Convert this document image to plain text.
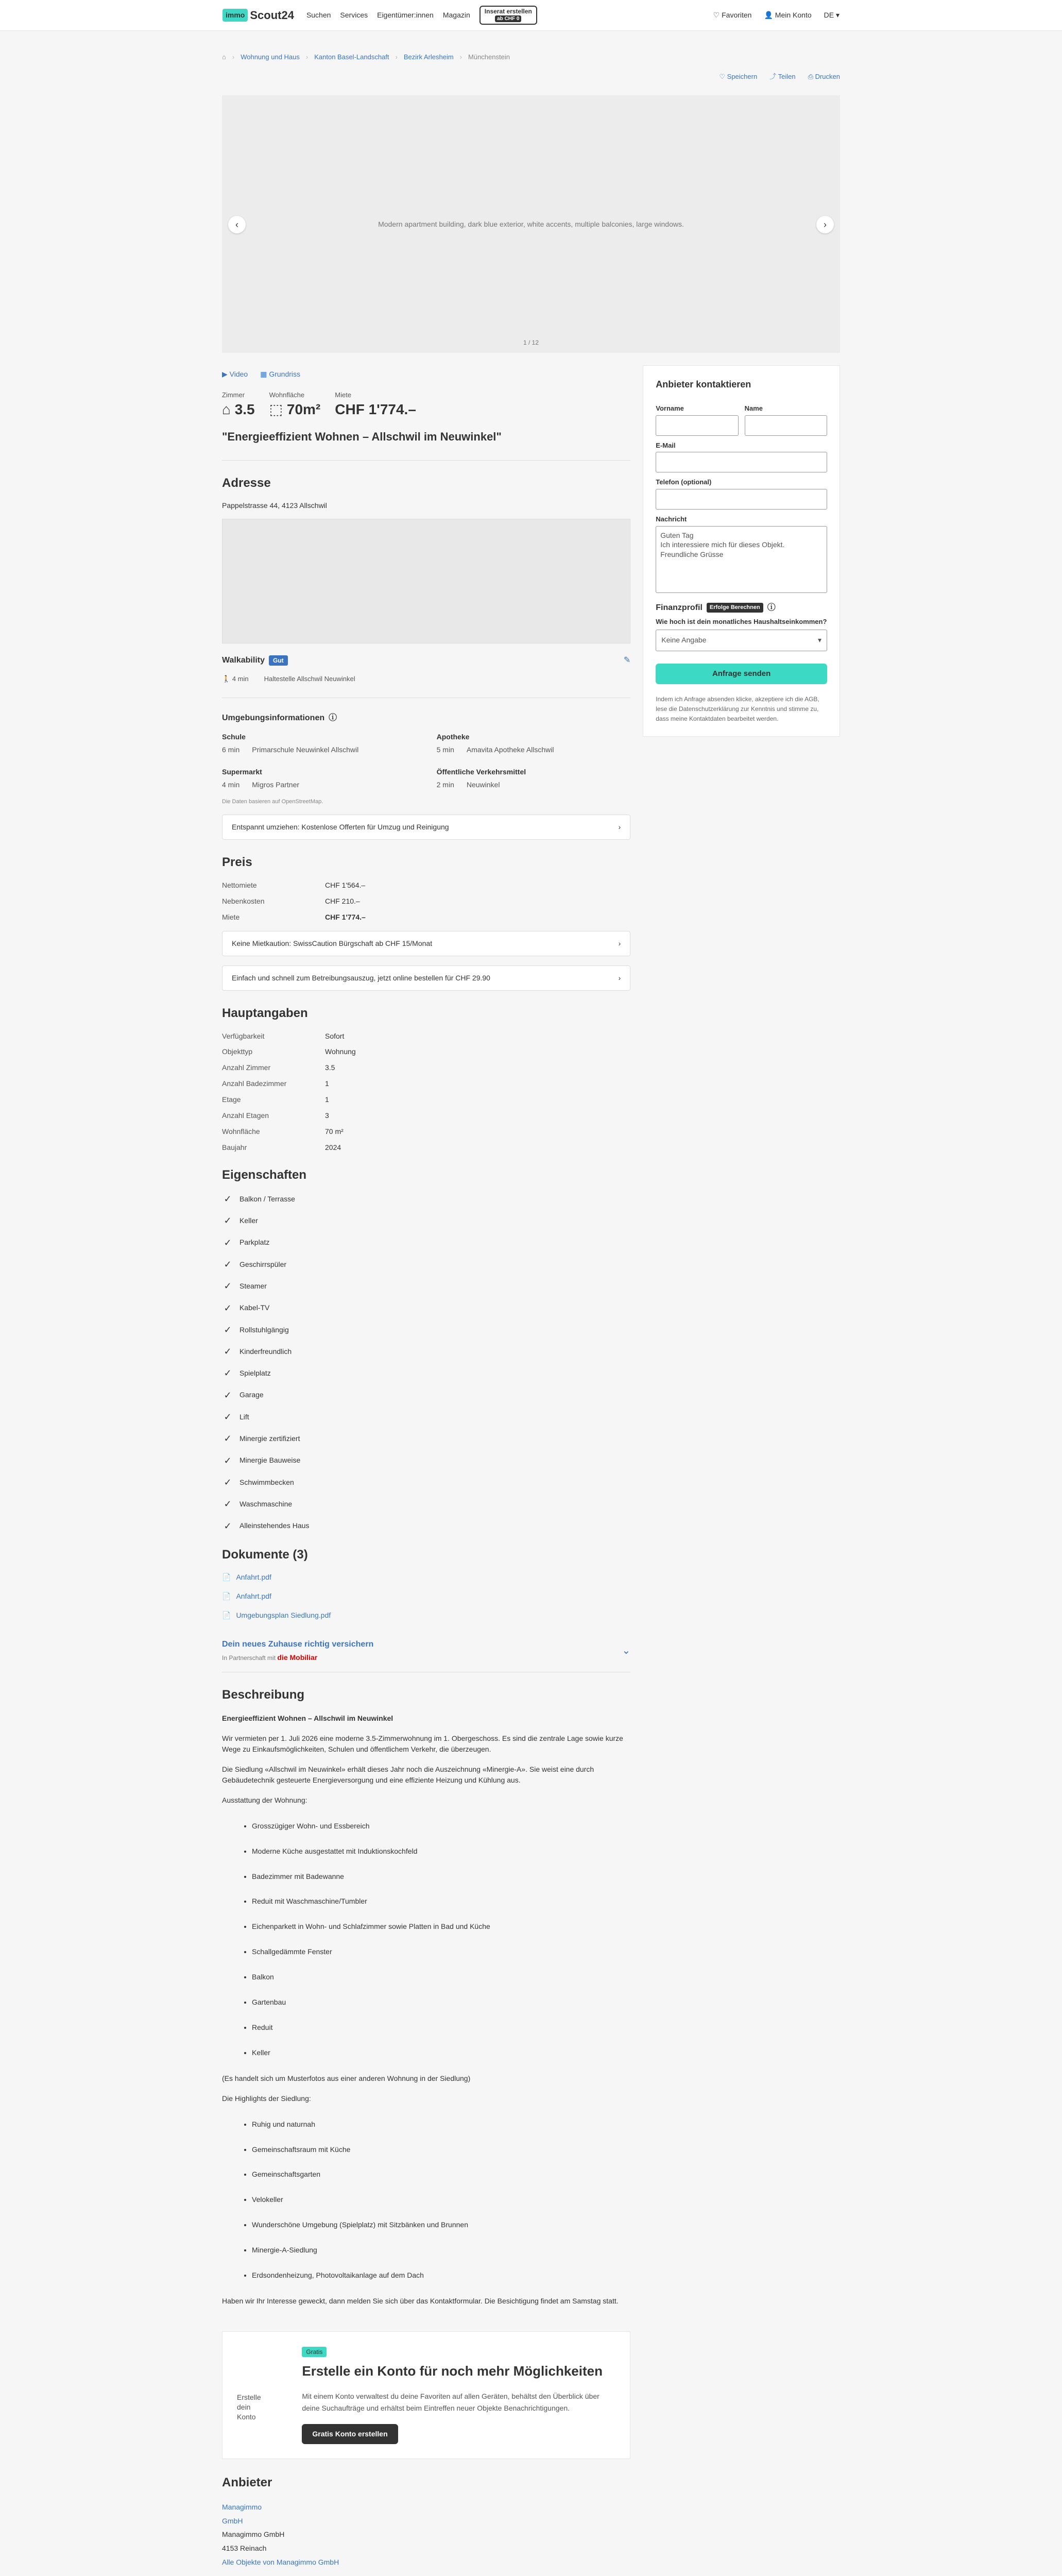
immo Scout24 Suchen Services Eigentümer:innen Magazin Inserat erstellen
ab CHF 0	♡ Favoriten 👤 Mein Konto DE ▾
⌂ › Wohnung und Haus › Kanton Basel-Landschaft › Bezirk Arlesheim › Münchenstein
♡ Speichern ⤴ Teilen ⎙ Drucken
‹	Modern apartment building, dark blue exterior, white accents, multiple balconies, large windows.	›
1 / 12
▶ Video ▦ Grundriss
Zimmer
⌂ 3.5
Wohnfläche
⬚ 70m²
Miete
CHF 1'774.–
"Energieeffizient Wohnen – Allschwil im Neuwinkel"
Adresse
Pappelstrasse 44, 4123 Allschwil
Walkability	Gut	✎
🚶 4 min Haltestelle Allschwil Neuwinkel
Umgebungsinformationen ⓘ
Schule
6 min Primarschule Neuwinkel Allschwil
Apotheke
5 min Amavita Apotheke Allschwil
Supermarkt
4 min Migros Partner
Öffentliche Verkehrsmittel
2 min Neuwinkel
Die Daten basieren auf OpenStreetMap.
Entspannt umziehen: Kostenlose Offerten für Umzug und Reinigung	›
Preis
Nettomiete	CHF 1'564.–
Nebenkosten	CHF 210.–
Miete	CHF 1'774.–
Keine Mietkaution: SwissCaution Bürgschaft ab CHF 15/Monat	›
Einfach und schnell zum Betreibungsauszug, jetzt online bestellen für CHF 29.90	›
Hauptangaben
Verfügbarkeit	Sofort
Objekttyp	Wohnung
Anzahl Zimmer	3.5
Anzahl Badezimmer	1
Etage	1
Anzahl Etagen	3
Wohnfläche	70 m²
Baujahr	2024
Eigenschaften
✓ Balkon / Terrasse
✓ Keller
✓ Parkplatz
✓ Geschirrspüler
✓ Steamer
✓ Kabel-TV
✓ Rollstuhlgängig
✓ Kinderfreundlich
✓ Spielplatz
✓ Garage
✓ Lift
✓ Minergie zertifiziert
✓ Minergie Bauweise
✓ Schwimmbecken
✓ Waschmaschine
✓ Alleinstehendes Haus
Dokumente (3)
📄 Anfahrt.pdf
📄 Anfahrt.pdf
📄 Umgebungsplan Siedlung.pdf
Dein neues Zuhause richtig versichern
In Partnerschaft mit die Mobiliar
⌄
Beschreibung

Energieeffizient Wohnen – Allschwil im Neuwinkel

Wir vermieten per 1. Juli 2026 eine moderne 3.5-Zimmerwohnung im 1. Obergeschoss. Es sind die zentrale Lage sowie kurze Wege zu Einkaufsmöglichkeiten, Schulen und öffentlichem Verkehr, die überzeugen.

Die Siedlung «Allschwil im Neuwinkel» erhält dieses Jahr noch die Auszeichnung «Minergie-A». Sie weist eine durch Gebäudetechnik gesteuerte Energieversorgung und eine effiziente Heizung und Kühlung aus.

Ausstattung der Wohnung:

• Grosszügiger Wohn- und Essbereich
• Moderne Küche ausgestattet mit Induktionskochfeld
• Badezimmer mit Badewanne
• Reduit mit Waschmaschine/Tumbler
• Eichenparkett in Wohn- und Schlafzimmer sowie Platten in Bad und Küche
• Schallgedämmte Fenster
• Balkon
• Gartenbau
• Reduit
• Keller

(Es handelt sich um Musterfotos aus einer anderen Wohnung in der Siedlung)

Die Highlights der Siedlung:

• Ruhig und naturnah
• Gemeinschaftsraum mit Küche
• Gemeinschaftsgarten
• Velokeller
• Wunderschöne Umgebung (Spielplatz) mit Sitzbänken und Brunnen
• Minergie-A-Siedlung
• Erdsondenheizung, Photovoltaikanlage auf dem Dach

Haben wir Ihr Interesse geweckt, dann melden Sie sich über das Kontaktformular. Die Besichtigung findet am Samstag statt.

Erstelle dein Konto
Gratis
Erstelle ein Konto für noch mehr Möglichkeiten
Mit einem Konto verwaltest du deine Favoriten auf allen Geräten, behältst den Überblick über deine Suchaufträge und erhältst beim Eintreffen neuer Objekte Benachrichtigungen.
Gratis Konto erstellen
Anbieter
Managimmo
GmbH
Managimmo GmbH
4153 Reinach
Alle Objekte von Managimmo GmbH
Anbieter kontaktieren
Vorname	Name
E-Mail
Telefon (optional)
Nachricht
Guten Tag
Ich interessiere mich für dieses Objekt.
Freundliche Grüsse
Finanzprofil	Erfolge Berechnen ⓘ
Wie hoch ist dein monatliches Haushaltseinkommen?
Keine Angabe	▾
Anfrage senden
Indem ich Anfrage absenden klicke, akzeptiere ich die AGB, lese die Datenschutzerklärung zur Kenntnis und stimme zu, dass meine Kontaktdaten bearbeitet werden.
